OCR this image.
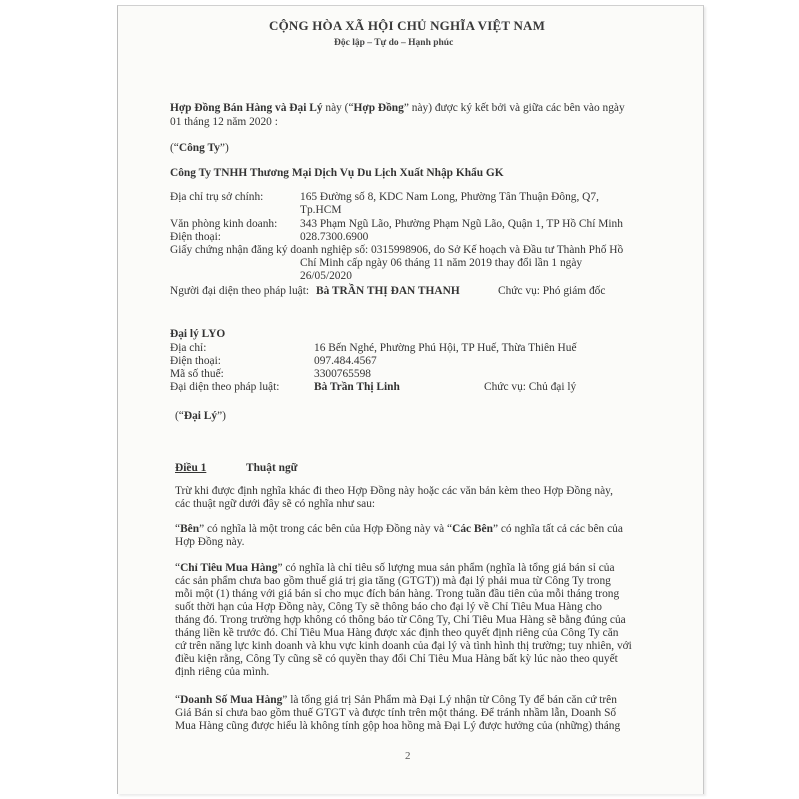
CỘNG HÒA XÃ HỘI CHỦ NGHĨA VIỆT NAM
Độc lập – Tự do – Hạnh phúc
Hợp Đồng Bán Hàng và Đại Lý này (“Hợp Đồng” này) được ký kết bởi và giữa các bên vào ngày
01 tháng 12 năm 2020 :
(“Công Ty”)
Công Ty TNHH Thương Mại Dịch Vụ Du Lịch Xuất Nhập Khẩu GK
Địa chỉ trụ sở chính:	165 Đường số 8, KDC Nam Long, Phường Tân Thuận Đông, Q7,
Tp.HCM
Văn phòng kinh doanh: 343 Phạm Ngũ Lão, Phường Phạm Ngũ Lão, Quận 1, TP Hồ Chí Minh
Điện thoại:	028.7300.6900
Giấy chứng nhận đăng ký doanh nghiệp số: 0315998906, do Sở Kế hoạch và Đầu tư Thành Phố Hồ
Chí Minh cấp ngày 06 tháng 11 năm 2019 thay đổi lần 1 ngày
26/05/2020
Người đại diện theo pháp luật: Bà TRẦN THỊ ĐAN THANH	Chức vụ: Phó giám đốc
Đại lý LYO
Địa chỉ:	16 Bến Nghé, Phường Phú Hội, TP Huế, Thừa Thiên Huế
Điện thoại:	097.484.4567
Mã số thuế:	3300765598
Đại diện theo pháp luật:	Bà Trần Thị Linh	Chức vụ: Chủ đại lý
(“Đại Lý”)
Điều 1	Thuật ngữ
Trừ khi được định nghĩa khác đi theo Hợp Đồng này hoặc các văn bản kèm theo Hợp Đồng này,
các thuật ngữ dưới đây sẽ có nghĩa như sau:
“Bên” có nghĩa là một trong các bên của Hợp Đồng này và “Các Bên” có nghĩa tất cả các bên của
Hợp Đồng này.
“Chỉ Tiêu Mua Hàng” có nghĩa là chỉ tiêu số lượng mua sản phẩm (nghĩa là tổng giá bán sỉ của
các sản phẩm chưa bao gồm thuế giá trị gia tăng (GTGT)) mà đại lý phải mua từ Công Ty trong
mỗi một (1) tháng với giá bán sỉ cho mục đích bán hàng. Trong tuần đầu tiên của mỗi tháng trong
suốt thời hạn của Hợp Đồng này, Công Ty sẽ thông báo cho đại lý về Chỉ Tiêu Mua Hàng cho
tháng đó. Trong trường hợp không có thông báo từ Công Ty, Chỉ Tiêu Mua Hàng sẽ bằng đúng của
tháng liền kề trước đó. Chỉ Tiêu Mua Hàng được xác định theo quyết định riêng của Công Ty căn
cứ trên năng lực kinh doanh và khu vực kinh doanh của đại lý và tình hình thị trường; tuy nhiên, với
điều kiện rằng, Công Ty cũng sẽ có quyền thay đổi Chỉ Tiêu Mua Hàng bất kỳ lúc nào theo quyết
định riêng của mình.
“Doanh Số Mua Hàng” là tổng giá trị Sản Phẩm mà Đại Lý nhận từ Công Ty để bán căn cứ trên
Giá Bán sỉ chưa bao gồm thuế GTGT và được tính trên một tháng. Để tránh nhầm lẫn, Doanh Số
Mua Hàng cũng được hiểu là không tính gộp hoa hồng mà Đại Lý được hưởng của (những) tháng
2
